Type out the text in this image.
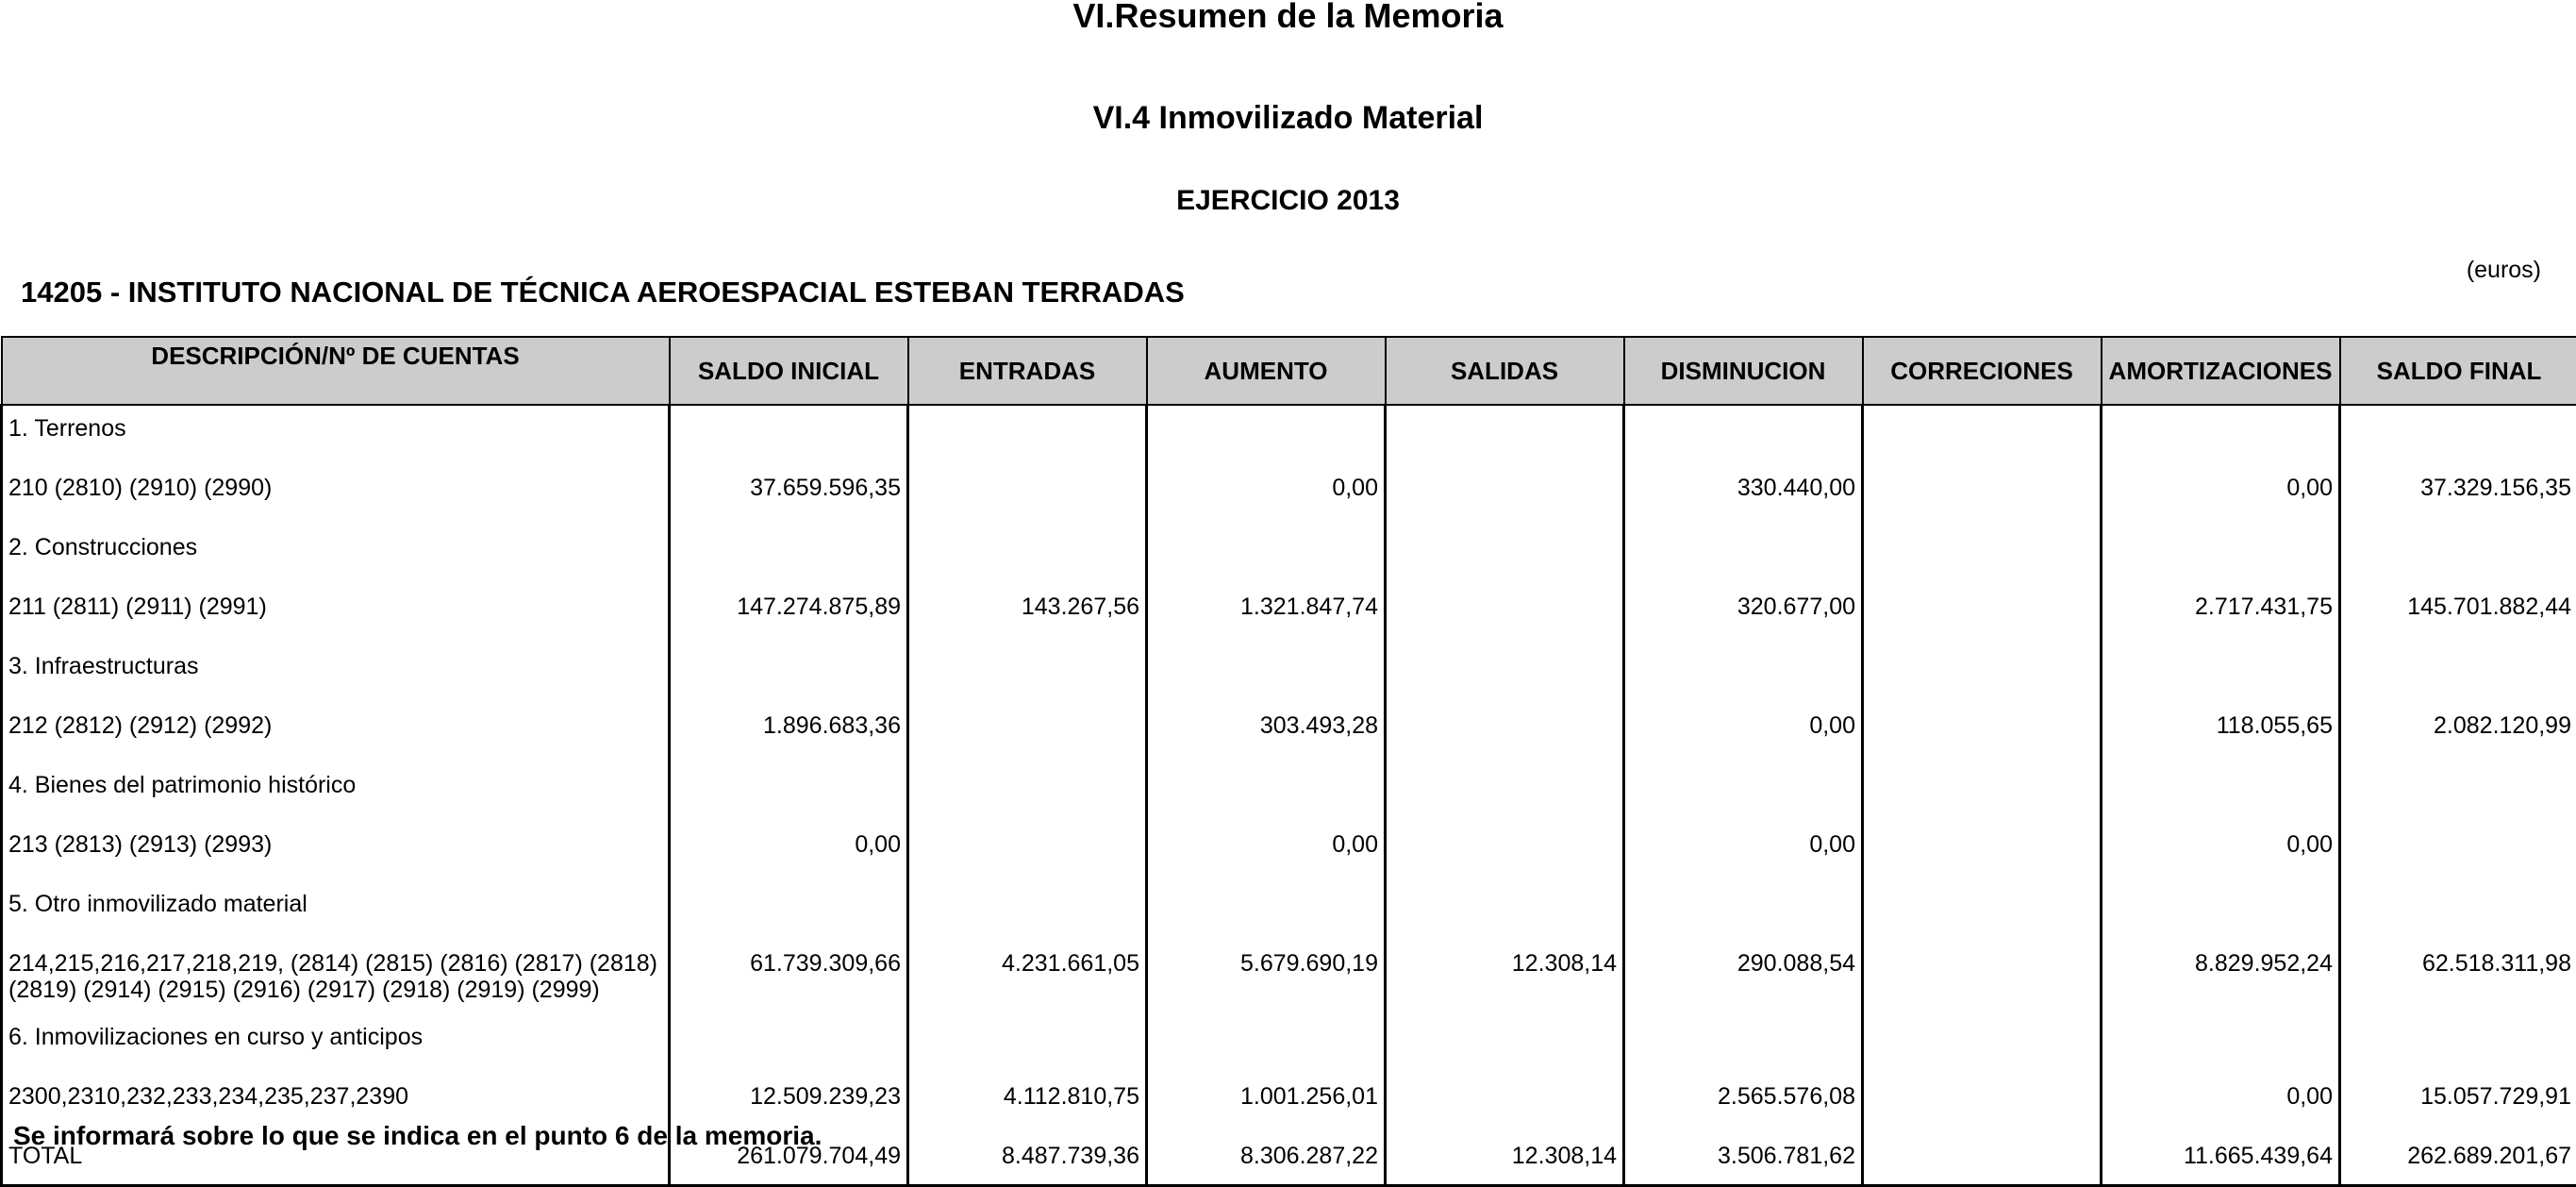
VI.Resumen de la Memoria
VI.4 Inmovilizado Material
EJERCICIO 2013
(euros)
14205 - INSTITUTO NACIONAL DE TÉCNICA AEROESPACIAL ESTEBAN TERRADAS
DESCRIPCIÓN/Nº DE CUENTAS	SALDO INICIAL	ENTRADAS	AUMENTO	SALIDAS	DISMINUCION	CORRECIONES	AMORTIZACIONES	SALDO FINAL
1. Terrenos								
210 (2810) (2910) (2990)	37.659.596,35		0,00		330.440,00		0,00	37.329.156,35
2. Construcciones								
211 (2811) (2911) (2991)	147.274.875,89	143.267,56	1.321.847,74		320.677,00		2.717.431,75	145.701.882,44
3. Infraestructuras								
212 (2812) (2912) (2992)	1.896.683,36		303.493,28		0,00		118.055,65	2.082.120,99
4. Bienes del patrimonio histórico								
213 (2813) (2913) (2993)	0,00		0,00		0,00		0,00	
5. Otro inmovilizado material								
214,215,216,217,218,219, (2814) (2815) (2816) (2817) (2818) (2819) (2914) (2915) (2916) (2917) (2918) (2919) (2999)	61.739.309,66	4.231.661,05	5.679.690,19	12.308,14	290.088,54		8.829.952,24	62.518.311,98
6. Inmovilizaciones en curso y anticipos								
2300,2310,232,233,234,235,237,2390	12.509.239,23	4.112.810,75	1.001.256,01		2.565.576,08		0,00	15.057.729,91
TOTAL	261.079.704,49	8.487.739,36	8.306.287,22	12.308,14	3.506.781,62		11.665.439,64	262.689.201,67
Se informará sobre lo que se indica en el punto 6 de la memoria.
